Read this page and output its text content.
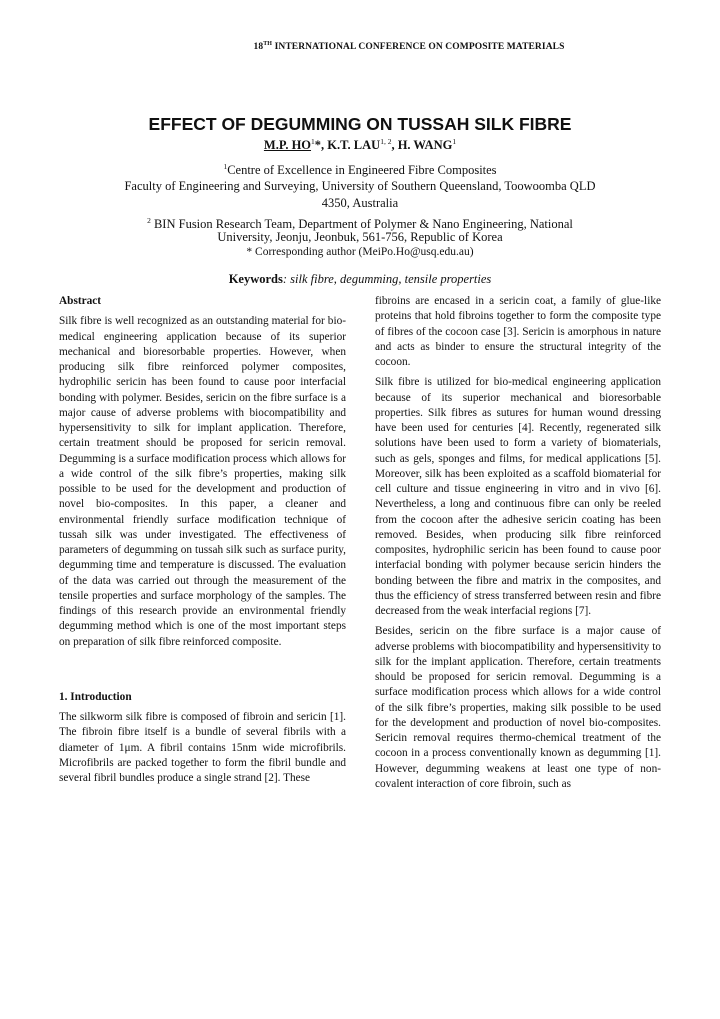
18TH INTERNATIONAL CONFERENCE ON COMPOSITE MATERIALS
EFFECT OF DEGUMMING ON TUSSAH SILK FIBRE
M.P. $HO^1*$, K.T. LAU$^{1, 2}$, H. WANG$^1$
$^1$Centre of Excellence in Engineered Fibre Composites
Faculty of Engineering and Surveying, University of Southern Queensland, Toowoomba QLD
4350, Australia
$^2$ BIN Fusion Research Team, Department of Polymer & Nano Engineering, National
University, Jeonju, Jeonbuk, 561-756, Republic of Korea
* Corresponding author (MeiPo.Ho@usq.edu.au)
Keywords: silk fibre, degumming, tensile properties

Abstract

Silk fibre is well recognized as an outstanding material for bio-medical engineering application because of its superior mechanical and bioresorbable properties. However, when producing silk fibre reinforced polymer composites, hydrophilic sericin has been found to cause poor interfacial bonding with polymer. Besides, sericin on the fibre surface is a major cause of adverse problems with biocompatibility and hypersensitivity to silk for implant application. Therefore, certain treatment should be proposed for sericin removal. Degumming is a surface modification process which allows for a wide control of the silk fibre’s properties, making silk possible to be used for the development and production of novel bio-composites. In this paper, a cleaner and environmental friendly surface modification technique of tussah silk was under investigated. The effectiveness of parameters of degumming on tussah silk such as surface purity, degumming time and temperature is discussed. The evaluation of the data was carried out through the measurement of the tensile properties and surface morphology of the samples. The findings of this research provide an environmental friendly degumming method which is one of the most important steps on preparation of silk fibre reinforced composite.

1. Introduction

The silkworm silk fibre is composed of fibroin and sericin [1]. The fibroin fibre itself is a bundle of several fibrils with a diameter of 1μm. A fibril contains 15nm wide microfibrils. Microfibrils are packed together to form the fibril bundle and several fibril bundles produce a single strand [2]. These

fibroins are encased in a sericin coat, a family of glue-like proteins that hold fibroins together to form the composite type of fibres of the cocoon case [3]. Sericin is amorphous in nature and acts as binder to ensure the structural integrity of the cocoon.

Silk fibre is utilized for bio-medical engineering application because of its superior mechanical and bioresorbable properties. Silk fibres as sutures for human wound dressing have been used for centuries [4]. Recently, regenerated silk solutions have been used to form a variety of biomaterials, such as gels, sponges and films, for medical applications [5]. Moreover, silk has been exploited as a scaffold biomaterial for cell culture and tissue engineering in vitro and in vivo [6]. Nevertheless, a long and continuous fibre can only be reeled from the cocoon after the adhesive sericin coating has been removed. Besides, when producing silk fibre reinforced composites, hydrophilic sericin has been found to cause poor interfacial bonding with polymer because sericin hinders the bonding between the fibre and matrix in the composites, and thus the efficiency of stress transferred between resin and fibre decreased from the weak interfacial regions [7].

Besides, sericin on the fibre surface is a major cause of adverse problems with biocompatibility and hypersensitivity to silk for the implant application. Therefore, certain treatments should be proposed for sericin removal. Degumming is a surface modification process which allows for a wide control of the silk fibre’s properties, making silk possible to be used for the development and production of novel bio-composites. Sericin removal requires thermo-chemical treatment of the cocoon in a process conventionally known as degumming [1]. However, degumming weakens at least one type of non-covalent interaction of core fibroin, such as
